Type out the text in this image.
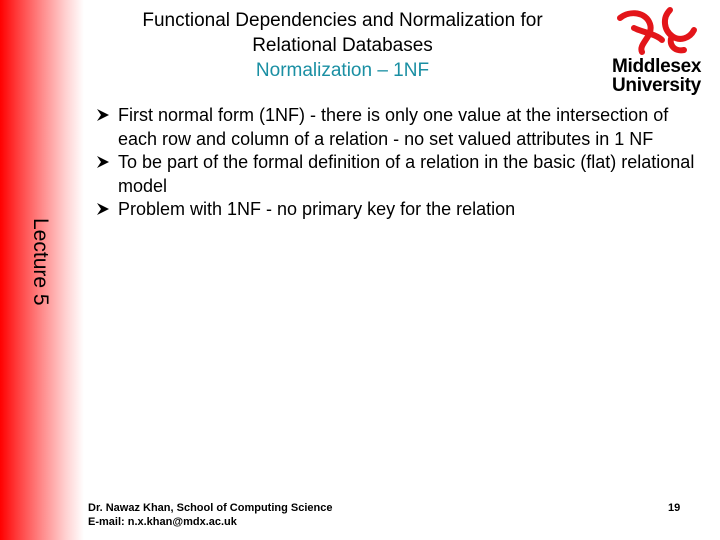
Lecture 5
Functional Dependencies and Normalization for
Relational Databases
Normalization – 1NF	Middlesex
University
First normal form (1NF) - there is only one value at the intersection of each row and column of a relation - no set valued attributes in 1 NF
To be part of the formal definition of a relation in the basic (flat) relational model
Problem with 1NF - no primary key for the relation
Dr. Nawaz Khan, School of Computing Science
E-mail: n.x.khan@mdx.ac.uk
19
